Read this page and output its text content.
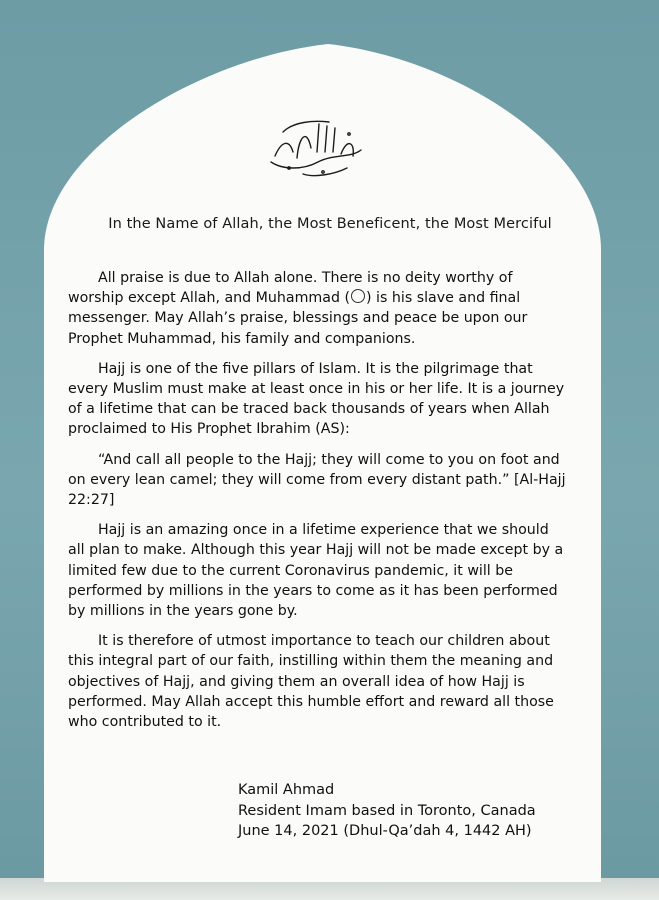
In the Name of Allah, the Most Beneficent, the Most Merciful

All praise is due to Allah alone. There is no deity worthy of worship except Allah, and Muhammad ( ) is his slave and final messenger. May Allah’s praise, blessings and peace be upon our Prophet Muhammad, his family and companions.

Hajj is one of the five pillars of Islam. It is the pilgrimage that every Muslim must make at least once in his or her life. It is a journey of a lifetime that can be traced back thousands of years when Allah proclaimed to His Prophet Ibrahim (AS):

“And call all people to the Hajj; they will come to you on foot and on every lean camel; they will come from every distant path.” [Al-Hajj 22:27]

Hajj is an amazing once in a lifetime experience that we should all plan to make. Although this year Hajj will not be made except by a limited few due to the current Coronavirus pandemic, it will be performed by millions in the years to come as it has been performed by millions in the years gone by.

It is therefore of utmost importance to teach our children about this integral part of our faith, instilling within them the meaning and objectives of Hajj, and giving them an overall idea of how Hajj is performed. May Allah accept this humble effort and reward all those who contributed to it.

Kamil Ahmad
Resident Imam based in Toronto, Canada
June 14, 2021 (Dhul-Qa’dah 4, 1442 AH)
